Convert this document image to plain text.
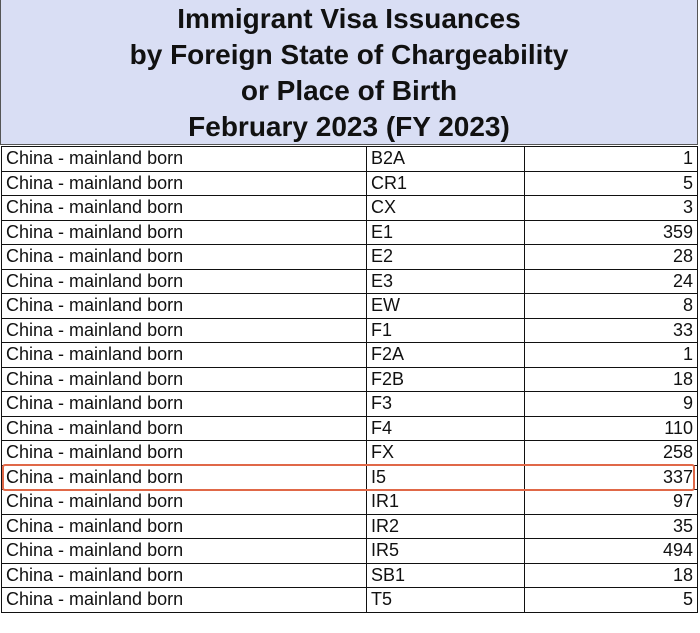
Immigrant Visa Issuances
by Foreign State of Chargeability
or Place of Birth
February 2023 (FY 2023)
China - mainland born	B2A	1
China - mainland born	CR1	5
China - mainland born	CX	3
China - mainland born	E1	359
China - mainland born	E2	28
China - mainland born	E3	24
China - mainland born	EW	8
China - mainland born	F1	33
China - mainland born	F2A	1
China - mainland born	F2B	18
China - mainland born	F3	9
China - mainland born	F4	110
China - mainland born	FX	258
China - mainland born	I5	337
China - mainland born	IR1	97
China - mainland born	IR2	35
China - mainland born	IR5	494
China - mainland born	SB1	18
China - mainland born	T5	5
